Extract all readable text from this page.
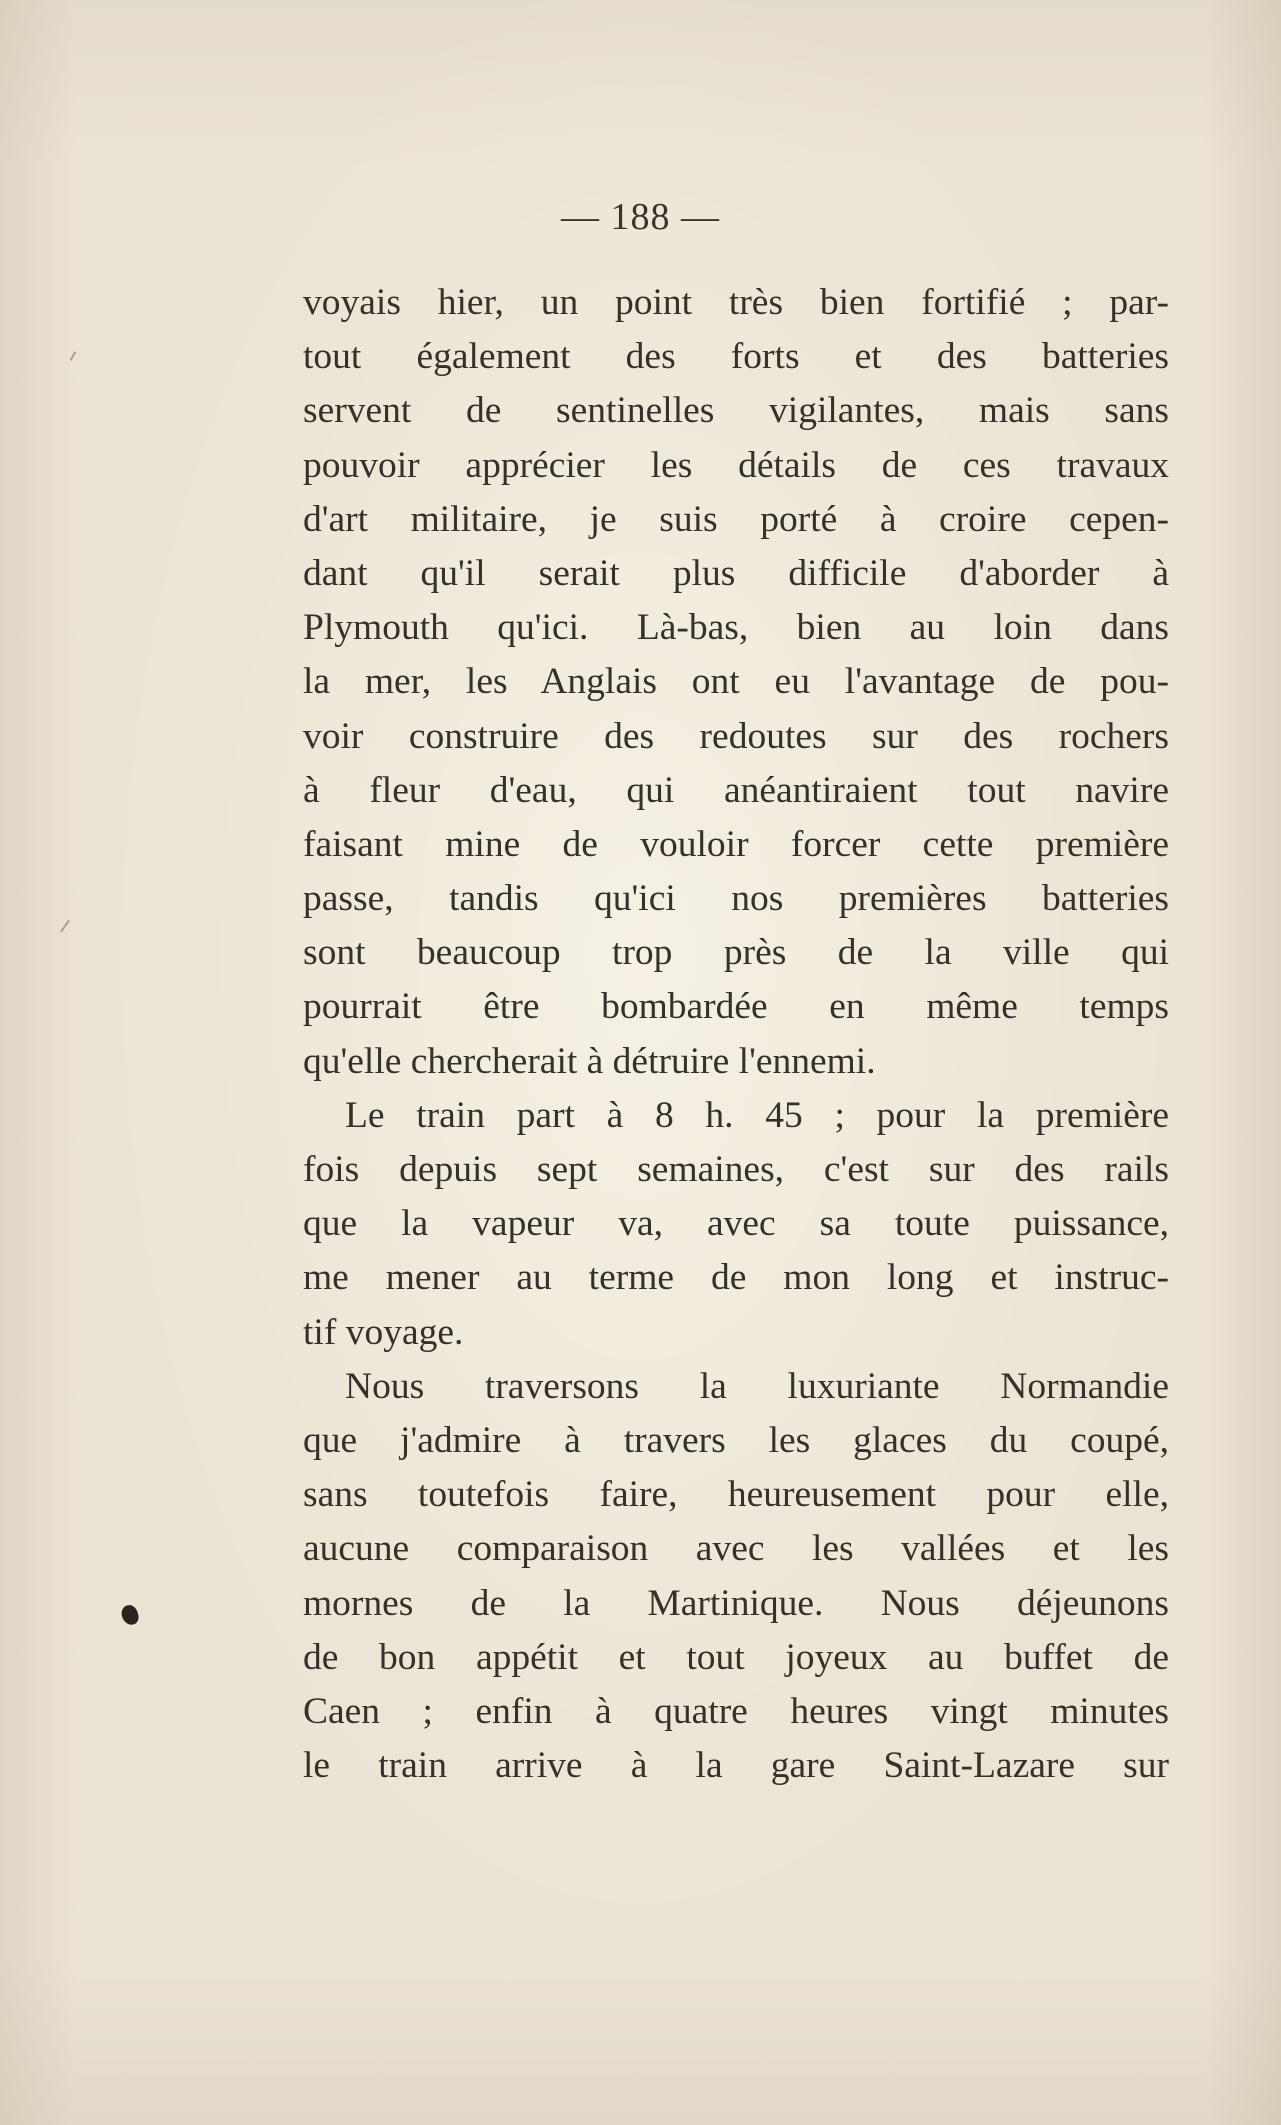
— 188 —
voyais hier, un point très bien fortifié ; par-
tout également des forts et des batteries
servent de sentinelles vigilantes, mais sans
pouvoir apprécier les détails de ces travaux
d'art militaire, je suis porté à croire cepen-
dant qu'il serait plus difficile d'aborder à
Plymouth qu'ici. Là-bas, bien au loin dans
la mer, les Anglais ont eu l'avantage de pou-
voir construire des redoutes sur des rochers
à fleur d'eau, qui anéantiraient tout navire
faisant mine de vouloir forcer cette première
passe, tandis qu'ici nos premières batteries
sont beaucoup trop près de la ville qui
pourrait être bombardée en même temps
qu'elle chercherait à détruire l'ennemi.
Le train part à 8 h. 45 ; pour la première
fois depuis sept semaines, c'est sur des rails
que la vapeur va, avec sa toute puissance,
me mener au terme de mon long et instruc-
tif voyage.
Nous traversons la luxuriante Normandie
que j'admire à travers les glaces du coupé,
sans toutefois faire, heureusement pour elle,
aucune comparaison avec les vallées et les
mornes de la Martinique. Nous déjeunons
de bon appétit et tout joyeux au buffet de
Caen ; enfin à quatre heures vingt minutes
le train arrive à la gare Saint-Lazare sur
